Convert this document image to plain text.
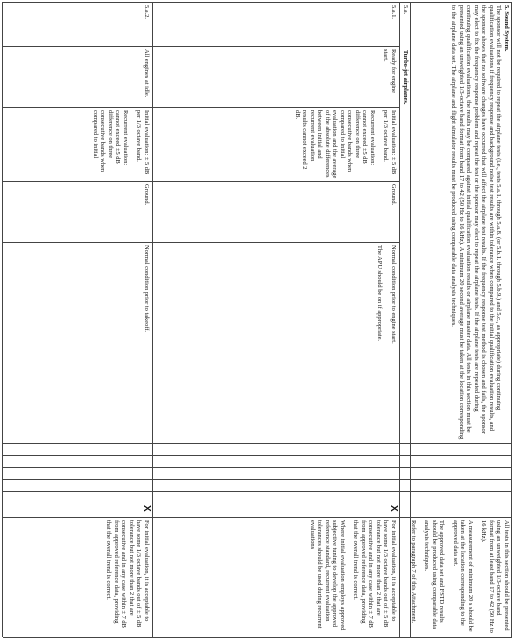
5. Sound System.
The sponsor will not be required to repeat the airplane tests (i.e., tests 5.a.1. through 5.a.8. (or 5.b.1. through 5.b.9.) and 5.c., as appropriate) during continuing qualification evaluations if frequency response and background noise test results are within tolerance when compared to the initial qualification evaluation results, and the sponsor shows that no software changes have occurred that will affect the airplane test results. If the frequency response test method is chosen and fails, the sponsor may elect to fix the frequency response problem and repeat the test or the sponsor may elect to repeat the airplane tests. If the airplane tests are repeated during continuing qualification evaluations, the results may be compared against initial qualification evaluation results or airplane master data. All tests in this section must be presented using an unweighted 1/3-octave band format from band 17 to 42 (50 Hz to 16 kHz). A minimum 20 second average must be taken at the location corresponding to the airplane data set. The airplane and flight simulator results must be produced using comparable data analysis techniques.

All tests in this section should be presented using an unweighted 1/3-octave band format from at least band 17 to 42 (50 Hz to 16 kHz).

A measurement of minimum 20 s should be taken at the location corresponding to the approved data set.

The approved data set and FSTD results should be produced using comparable data analysis techniques.

Refer to paragraph 7 of this Attachment.

5.a.
Turbo-jet airplanes.
5.a.1.
Ready for engine start.

Initial evaluation: ± 5 dB per 1/3 octave band.

Recurrent evaluation: cannot exceed ±5 dB difference on three consecutive bands when compared to initial evaluation and the average of the absolute differences between initial and recurrent evaluation results cannot exceed 2 dB.

Ground.

Normal condition prior to engine start.

The APU should be on if appropriate.

X

For initial evaluation, it is acceptable to have some 1/3 octave bands out of ± 5 dB tolerance but not more than 2 that are consecutive and in any case within ± 7 dB from approved reference data, providing that the overall trend is correct.

Where initial evaluation employs approved subjective tuning to develop the approved reference standard, recurrent evaluation tolerances should be used during recurrent evaluations

5.a.2.
All engines at idle.

Initial evaluation: ± 5 dB per 1/3 octave band.

Recurrent evaluation: cannot exceed ±5 dB difference on three consecutive bands when compared to initial

Ground.

Normal condition prior to takeoff.

X

For initial evaluation, it is acceptable to have some 1/3 octave bands out of ± 5 dB tolerance but not more than 2 that are consecutive and in any case within ± 7 dB from approved reference data, providing that the overall trend is correct.
